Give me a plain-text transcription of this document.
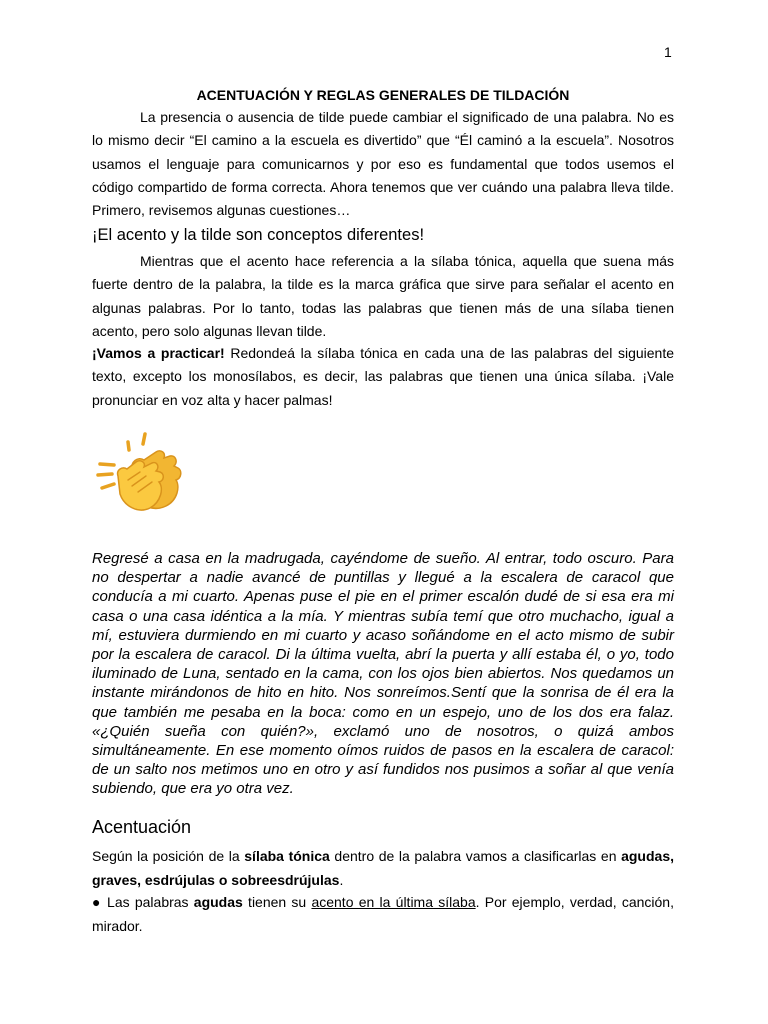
1
ACENTUACIÓN Y REGLAS GENERALES DE TILDACIÓN

La presencia o ausencia de tilde puede cambiar el significado de una palabra. No es lo mismo decir “El camino a la escuela es divertido” que “Él caminó a la escuela”. Nosotros usamos el lenguaje para comunicarnos y por eso es fundamental que todos usemos el código compartido de forma correcta. Ahora tenemos que ver cuándo una palabra lleva tilde. Primero, revisemos algunas cuestiones…

¡El acento y la tilde son conceptos diferentes!

Mientras que el acento hace referencia a la sílaba tónica, aquella que suena más fuerte dentro de la palabra, la tilde es la marca gráfica que sirve para señalar el acento en algunas palabras. Por lo tanto, todas las palabras que tienen más de una sílaba tienen acento, pero solo algunas llevan tilde.

¡Vamos a practicar! Redondeá la sílaba tónica en cada una de las palabras del siguiente texto, excepto los monosílabos, es decir, las palabras que tienen una única sílaba. ¡Vale pronunciar en voz alta y hacer palmas!

Regresé a casa en la madrugada, cayéndome de sueño. Al entrar, todo oscuro. Para no despertar a nadie avancé de puntillas y llegué a la escalera de caracol que conducía a mi cuarto. Apenas puse el pie en el primer escalón dudé de si esa era mi casa o una casa idéntica a la mía. Y mientras subía temí que otro muchacho, igual a mí, estuviera durmiendo en mi cuarto y acaso soñándome en el acto mismo de subir por la escalera de caracol. Di la última vuelta, abrí la puerta y allí estaba él, o yo, todo iluminado de Luna, sentado en la cama, con los ojos bien abiertos. Nos quedamos un instante mirándonos de hito en hito. Nos sonreímos.Sentí que la sonrisa de él era la que también me pesaba en la boca: como en un espejo, uno de los dos era falaz. «¿Quién sueña con quién?», exclamó uno de nosotros, o quizá ambos simultáneamente. En ese momento oímos ruidos de pasos en la escalera de caracol: de un salto nos metimos uno en otro y así fundidos nos pusimos a soñar al que venía subiendo, que era yo otra vez.

Acentuación

Según la posición de la sílaba tónica dentro de la palabra vamos a clasificarlas en agudas, graves, esdrújulas o sobreesdrújulas.

● Las palabras agudas tienen su acento en la última sílaba. Por ejemplo, verdad, canción, mirador.
